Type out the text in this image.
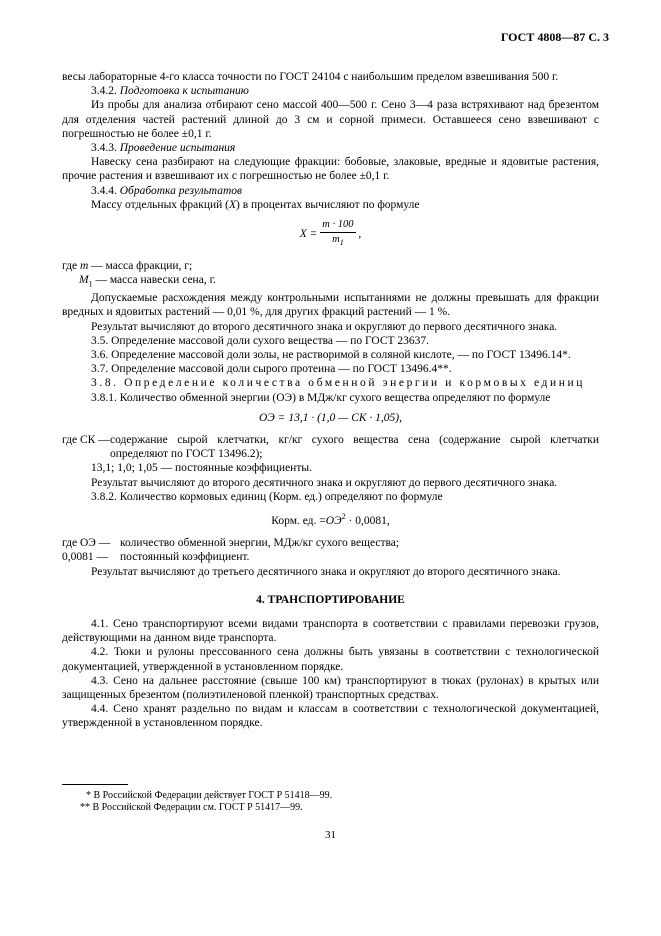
ГОСТ 4808—87 С. 3

весы лабораторные 4-го класса точности по ГОСТ 24104 с наибольшим пределом взвешивания 500 г.

3.4.2. Подготовка к испытанию

Из пробы для анализа отбирают сено массой 400—500 г. Сено 3—4 раза встряхивают над брезентом для отделения частей растений длиной до 3 см и сорной примеси. Оставшееся сено взвешивают с погрешностью не более ±0,1 г.

3.4.3. Проведение испытания

Навеску сена разбирают на следующие фракции: бобовые, злаковые, вредные и ядовитые растения, прочие растения и взвешивают их с погрешностью не более ±0,1 г.

3.4.4. Обработка результатов

Массу отдельных фракций (X) в процентах вычисляют по формуле

$X = \frac{m \cdot 100}{m_1}$ ,

где m — масса фракции, г;

$M_1$ — масса навески сена, г.

Допускаемые расхождения между контрольными испытаниями не должны превышать для фракции вредных и ядовитых растений — 0,01 %, для других фракций растений — 1 %.

Результат вычисляют до второго десятичного знака и округляют до первого десятичного знака.

3.5. Определение массовой доли сухого вещества — по ГОСТ 23637.

3.6. Определение массовой доли золы, не растворимой в соляной кислоте, — по ГОСТ 13496.14*.

3.7. Определение массовой доли сырого протеина — по ГОСТ 13496.4**.

3.8. Определение количества обменной энергии и кормовых единиц

3.8.1. Количество обменной энергии (ОЭ) в МДж/кг сухого вещества определяют по формуле

ОЭ = 13,1 · (1,0 — СК · 1,05),
где СК — содержание сырой клетчатки, кг/кг сухого вещества сена (содержание сырой клетчатки определяют по ГОСТ 13496.2);

13,1; 1,0; 1,05 — постоянные коэффициенты.

Результат вычисляют до второго десятичного знака и округляют до первого десятичного знака.

3.8.2. Количество кормовых единиц (Корм. ед.) определяют по формуле

Корм. ед. $=ОЭ^2 \cdot 0,0081$,
где ОЭ — количество обменной энергии, МДж/кг сухого вещества;
0,0081 —	постоянный коэффициент.

Результат вычисляют до третьего десятичного знака и округляют до второго десятичного знака.

4. ТРАНСПОРТИРОВАНИЕ

4.1. Сено транспортируют всеми видами транспорта в соответствии с правилами перевозки грузов, действующими на данном виде транспорта.

4.2. Тюки и рулоны прессованного сена должны быть увязаны в соответствии с технологической документацией, утвержденной в установленном порядке.

4.3. Сено на дальнее расстояние (свыше 100 км) транспортируют в тюках (рулонах) в крытых или защищенных брезентом (полиэтиленовой пленкой) транспортных средствах.

4.4. Сено хранят раздельно по видам и классам в соответствии с технологической документацией, утвержденной в установленном порядке.

* В Российской Федерации действует ГОСТ Р 51418—99.
** В Российской Федерации см. ГОСТ Р 51417—99.
31
